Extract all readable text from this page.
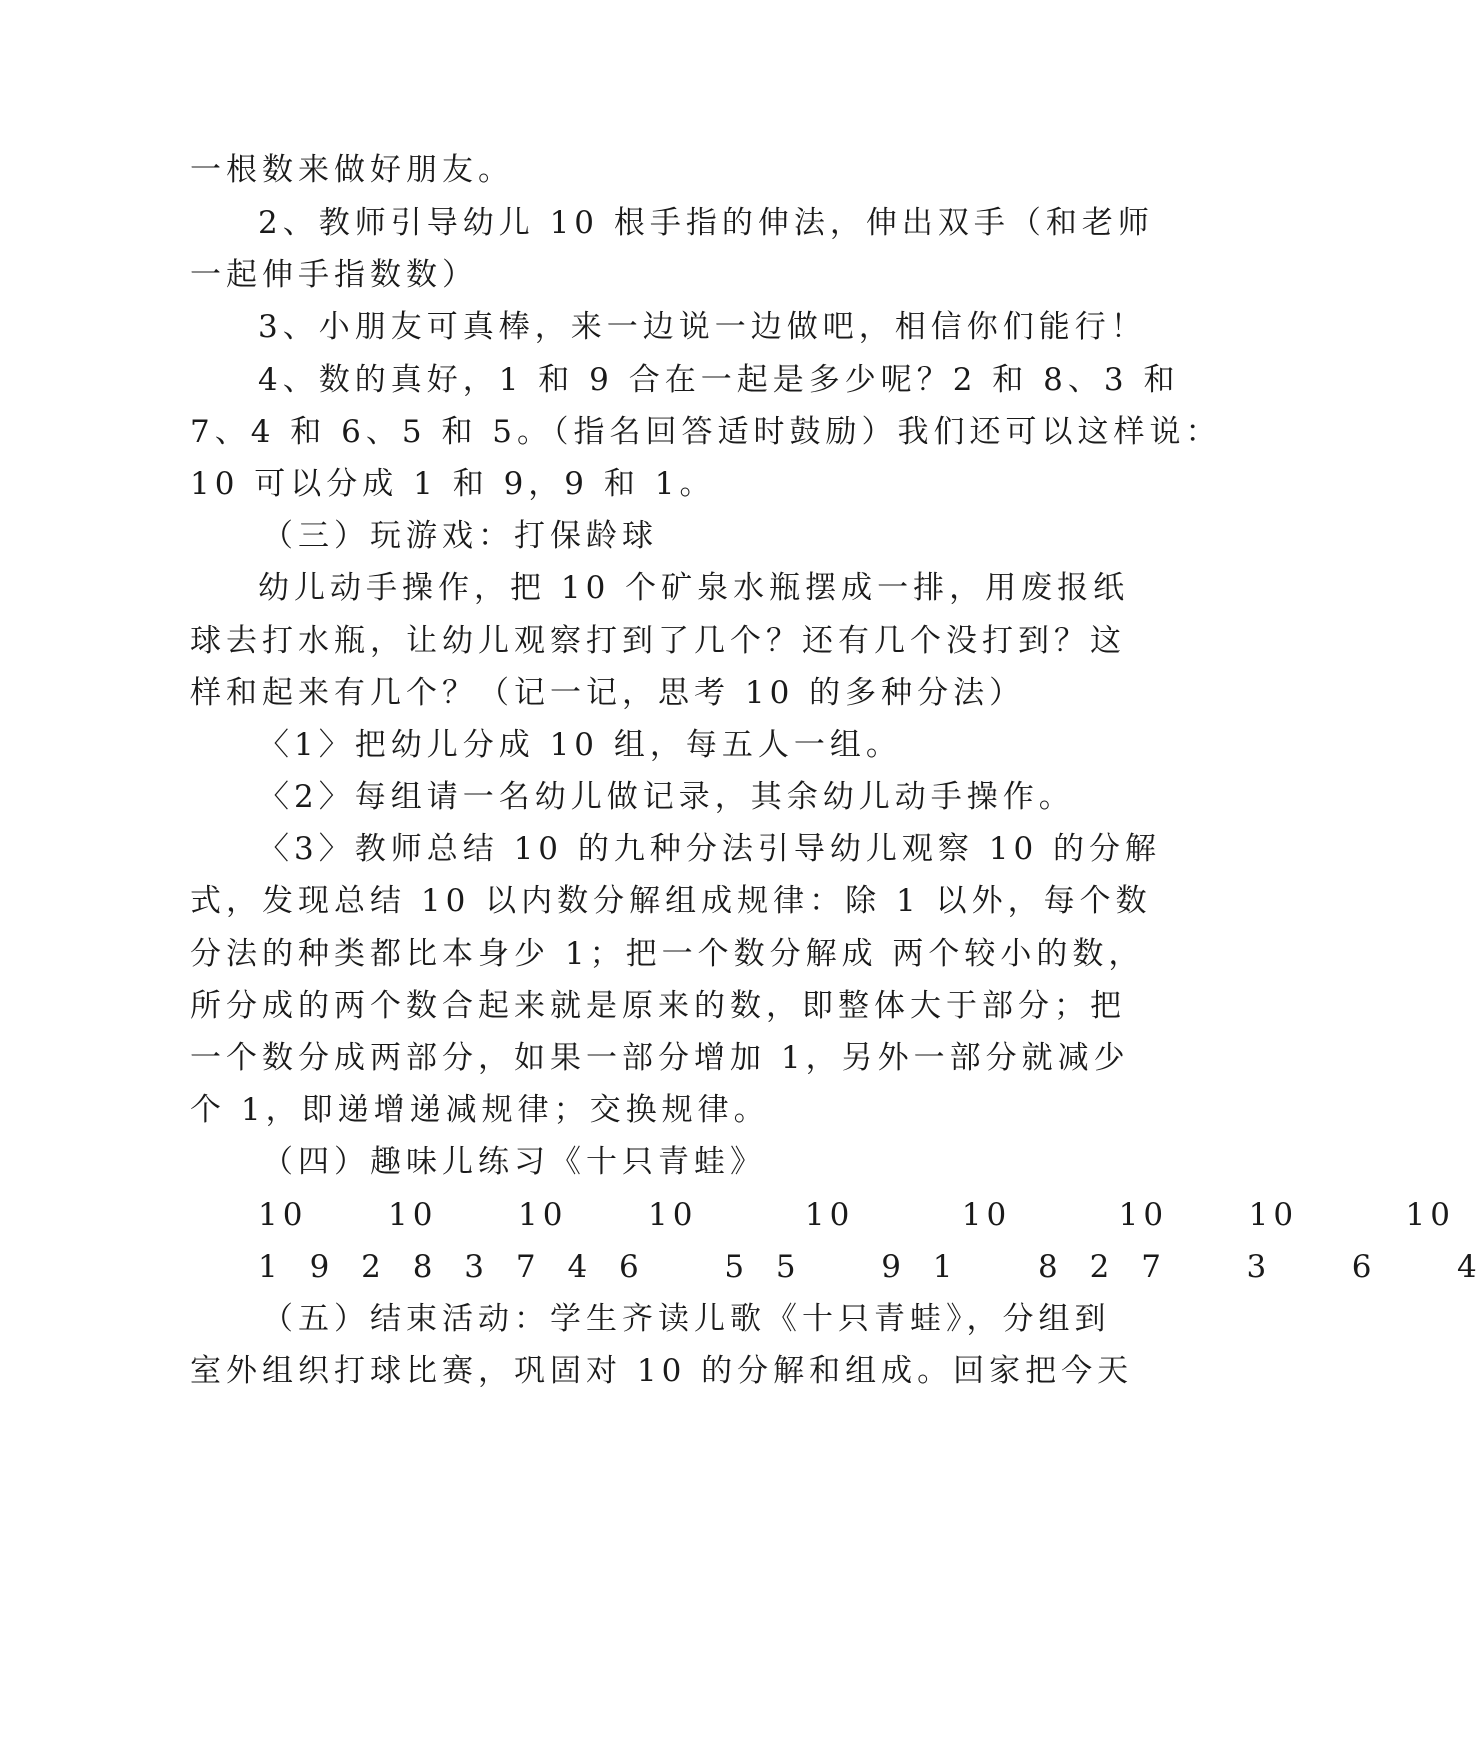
一根数来做好朋友。

2、教师引导幼儿 10 根手指的伸法，伸出双手（和老师

一起伸手指数数）

3、小朋友可真棒，来一边说一边做吧，相信你们能行！

4、数的真好，1 和 9 合在一起是多少呢？2 和 8、3 和

7、4 和 6、5 和 5。（指名回答适时鼓励）我们还可以这样说：

10 可以分成 1 和 9，9 和 1。

（三）玩游戏：打保龄球

幼儿动手操作，把 10 个矿泉水瓶摆成一排，用废报纸

球去打水瓶，让幼儿观察打到了几个？还有几个没打到？这

样和起来有几个？（记一记，思考 10 的多种分法）

〈1〉把幼儿分成 10 组，每五人一组。

〈2〉每组请一名幼儿做记录，其余幼儿动手操作。

〈3〉教师总结 10 的九种分法引导幼儿观察 10 的分解

式，发现总结 10 以内数分解组成规律：除 1 以外，每个数

分法的种类都比本身少 1；把一个数分解成 两个较小的数，

所分成的两个数合起来就是原来的数，即整体大于部分；把

一个数分成两部分，如果一部分增加 1，另外一部分就减少

个 1，即递增递减规律；交换规律。

（四）趣味儿练习《十只青蛙》

10   10   10   10    10    10    10   10    10

1 9 2 8 3 7 4 6   5 5   9 1   8 2 7   3   6   4

（五）结束活动：学生齐读儿歌《十只青蛙》，分组到

室外组织打球比赛，巩固对 10 的分解和组成。回家把今天
